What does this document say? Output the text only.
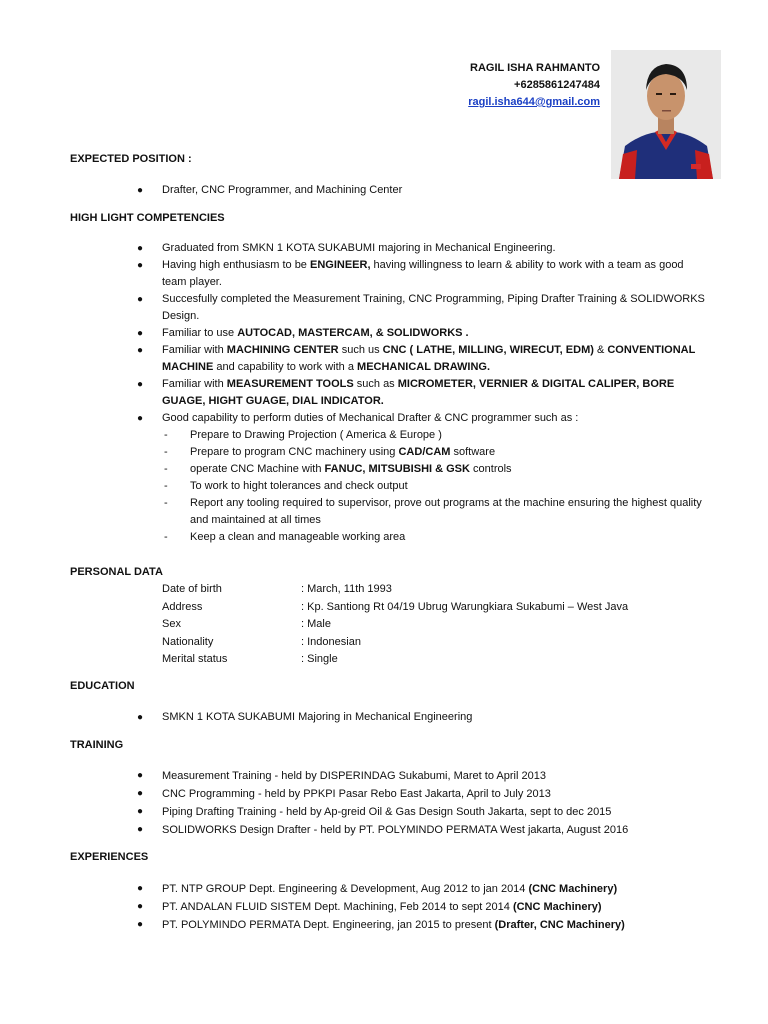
RAGIL ISHA RAHMANTO
+6285861247484
ragil.isha644@gmail.com
EXPECTED POSITION :
● Drafter, CNC Programmer, and Machining Center
HIGH LIGHT COMPETENCIES
● Graduated from SMKN 1 KOTA SUKABUMI majoring in Mechanical Engineering.
● Having high enthusiasm to be ENGINEER, having willingness to learn & ability to work with a team as good team player.
● Succesfully completed the Measurement Training, CNC Programming, Piping Drafter Training & SOLIDWORKS Design.
● Familiar to use AUTOCAD, MASTERCAM, & SOLIDWORKS .
● Familiar with MACHINING CENTER such us CNC ( LATHE, MILLING, WIRECUT, EDM) & CONVENTIONAL MACHINE and capability to work with a MECHANICAL DRAWING.
● Familiar with MEASUREMENT TOOLS such as MICROMETER, VERNIER & DIGITAL CALIPER, BORE GUAGE, HIGHT GUAGE, DIAL INDICATOR.
● Good capability to perform duties of Mechanical Drafter & CNC programmer such as :
- Prepare to Drawing Projection ( America & Europe )
- Prepare to program CNC machinery using CAD/CAM software
- operate CNC Machine with FANUC, MITSUBISHI & GSK controls
- To work to hight tolerances and check output
- Report any tooling required to supervisor, prove out programs at the machine ensuring the highest quality and maintained at all times
- Keep a clean and manageable working area
PERSONAL DATA
Date of birth	: March, 11th 1993
Address	: Kp. Santiong Rt 04/19 Ubrug Warungkiara Sukabumi – West Java
Sex	: Male
Nationality	: Indonesian
Merital status	: Single
EDUCATION
● SMKN 1 KOTA SUKABUMI Majoring in Mechanical Engineering
TRAINING
● Measurement Training - held by DISPERINDAG Sukabumi, Maret to April 2013
● CNC Programming - held by PPKPI Pasar Rebo East Jakarta, April to July 2013
● Piping Drafting Training - held by Ap-greid Oil & Gas Design South Jakarta, sept to dec 2015
● SOLIDWORKS Design Drafter - held by PT. POLYMINDO PERMATA West jakarta, August 2016
EXPERIENCES
● PT. NTP GROUP Dept. Engineering & Development, Aug 2012 to jan 2014 (CNC Machinery)
● PT. ANDALAN FLUID SISTEM Dept. Machining, Feb 2014 to sept 2014 (CNC Machinery)
● PT. POLYMINDO PERMATA Dept. Engineering, jan 2015 to present (Drafter, CNC Machinery)
